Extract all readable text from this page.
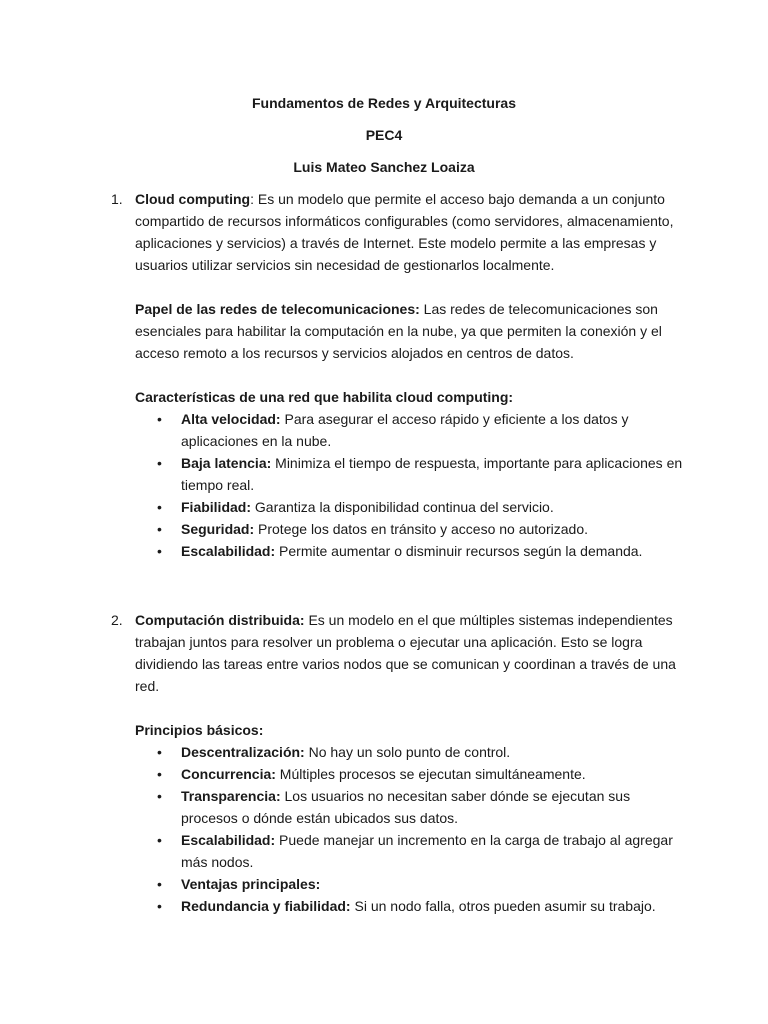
Fundamentos de Redes y Arquitecturas
PEC4
Luis Mateo Sanchez Loaiza
1. Cloud computing: Es un modelo que permite el acceso bajo demanda a un conjunto compartido de recursos informáticos configurables (como servidores, almacenamiento, aplicaciones y servicios) a través de Internet. Este modelo permite a las empresas y usuarios utilizar servicios sin necesidad de gestionarlos localmente.

Papel de las redes de telecomunicaciones: Las redes de telecomunicaciones son esenciales para habilitar la computación en la nube, ya que permiten la conexión y el acceso remoto a los recursos y servicios alojados en centros de datos.

Características de una red que habilita cloud computing:

• Alta velocidad: Para asegurar el acceso rápido y eficiente a los datos y aplicaciones en la nube.
• Baja latencia: Minimiza el tiempo de respuesta, importante para aplicaciones en tiempo real.
• Fiabilidad: Garantiza la disponibilidad continua del servicio.
• Seguridad: Protege los datos en tránsito y acceso no autorizado.
• Escalabilidad: Permite aumentar o disminuir recursos según la demanda.
2. Computación distribuida: Es un modelo en el que múltiples sistemas independientes trabajan juntos para resolver un problema o ejecutar una aplicación. Esto se logra dividiendo las tareas entre varios nodos que se comunican y coordinan a través de una red.

Principios básicos:

• Descentralización: No hay un solo punto de control.
• Concurrencia: Múltiples procesos se ejecutan simultáneamente.
• Transparencia: Los usuarios no necesitan saber dónde se ejecutan sus procesos o dónde están ubicados sus datos.
• Escalabilidad: Puede manejar un incremento en la carga de trabajo al agregar más nodos.
• Ventajas principales:
• Redundancia y fiabilidad: Si un nodo falla, otros pueden asumir su trabajo.
